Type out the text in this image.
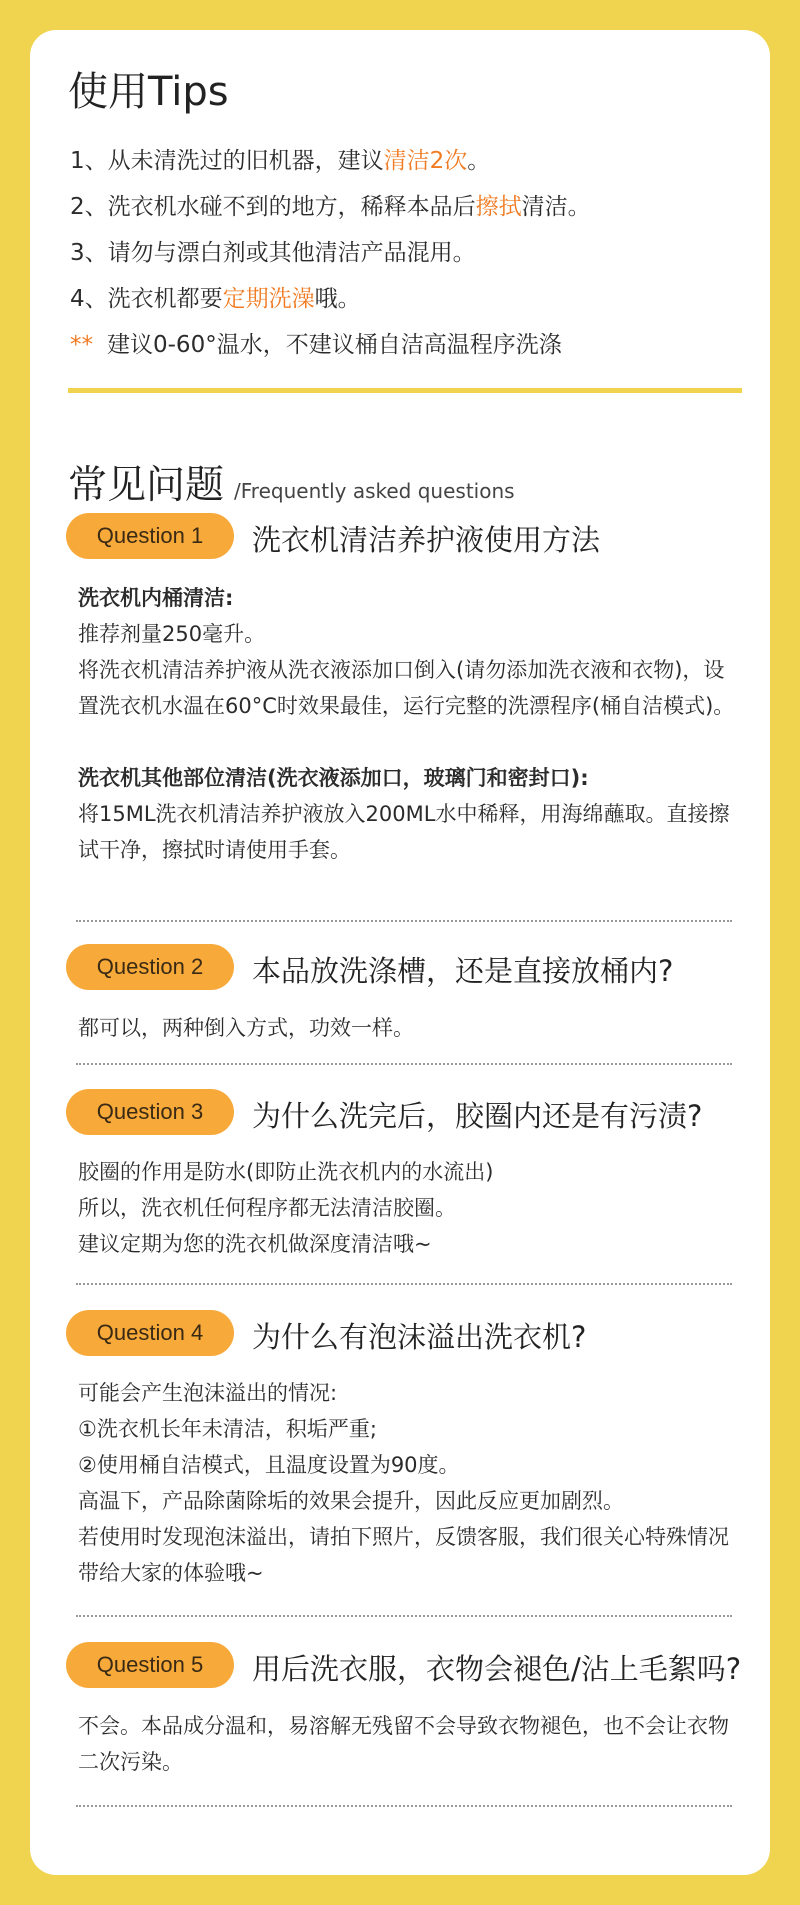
使用Tips
1、从未清洗过的旧机器，建议清洁2次。
2、洗衣机水碰不到的地方，稀释本品后擦拭清洁。
3、请勿与漂白剂或其他清洁产品混用。
4、洗衣机都要定期洗澡哦。
** 建议0-60°温水，不建议桶自洁高温程序洗涤
常见问题 /Frequently asked questions
Question 1	洗衣机清洁养护液使用方法

洗衣机内桶清洁:

推荐剂量250毫升。

将洗衣机清洁养护液从洗衣液添加口倒入(请勿添加洗衣液和衣物)，设置洗衣机水温在60°C时效果最佳，运行完整的洗漂程序(桶自洁模式)。

洗衣机其他部位清洁(洗衣液添加口，玻璃门和密封口):

将15ML洗衣机清洁养护液放入200ML水中稀释，用海绵蘸取。直接擦试干净，擦拭时请使用手套。

Question 2	本品放洗涤槽，还是直接放桶内?

都可以，两种倒入方式，功效一样。

Question 3	为什么洗完后，胶圈内还是有污渍?

胶圈的作用是防水(即防止洗衣机内的水流出)

所以，洗衣机任何程序都无法清洁胶圈。

建议定期为您的洗衣机做深度清洁哦~

Question 4	为什么有泡沫溢出洗衣机?

可能会产生泡沫溢出的情况:

①洗衣机长年未清洁，积垢严重;

②使用桶自洁模式，且温度设置为90度。

高温下，产品除菌除垢的效果会提升，因此反应更加剧烈。

若使用时发现泡沫溢出，请拍下照片，反馈客服，我们很关心特殊情况带给大家的体验哦~

Question 5	用后洗衣服，衣物会褪色/沾上毛絮吗?

不会。本品成分温和，易溶解无残留不会导致衣物褪色，也不会让衣物二次污染。
